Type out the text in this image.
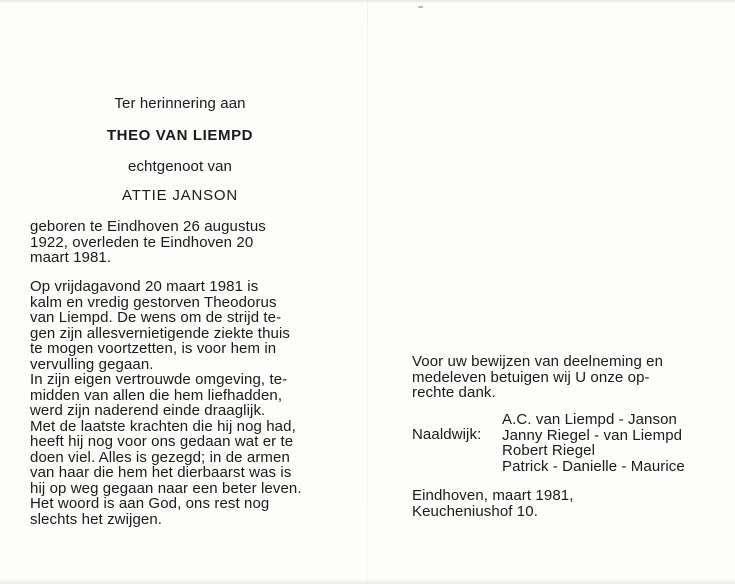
Ter herinnering aan

THEO VAN LIEMPD

echtgenoot van

ATTIE JANSON

geboren te Eindhoven 26 augustus
1922, overleden te Eindhoven 20
maart 1981.
Op vrijdagavond 20 maart 1981 is
kalm en vredig gestorven Theodorus
van Liempd. De wens om de strijd te-
gen zijn allesvernietigende ziekte thuis
te mogen voortzetten, is voor hem in
vervulling gegaan.
In zijn eigen vertrouwde omgeving, te-
midden van allen die hem liefhadden,
werd zijn naderend einde draaglijk.
Met de laatste krachten die hij nog had,
heeft hij nog voor ons gedaan wat er te
doen viel. Alles is gezegd; in de armen
van haar die hem het dierbaarst was is
hij op weg gegaan naar een beter leven.
Het woord is aan God, ons rest nog
slechts het zwijgen.
Voor uw bewijzen van deelneming en
medeleven betuigen wij U onze op-
rechte dank.
A.C. van Liempd - Janson
Janny Riegel - van Liempd
Robert Riegel
Patrick - Danielle - Maurice

Naaldwijk:

Eindhoven, maart 1981,
Keucheniushof 10.
